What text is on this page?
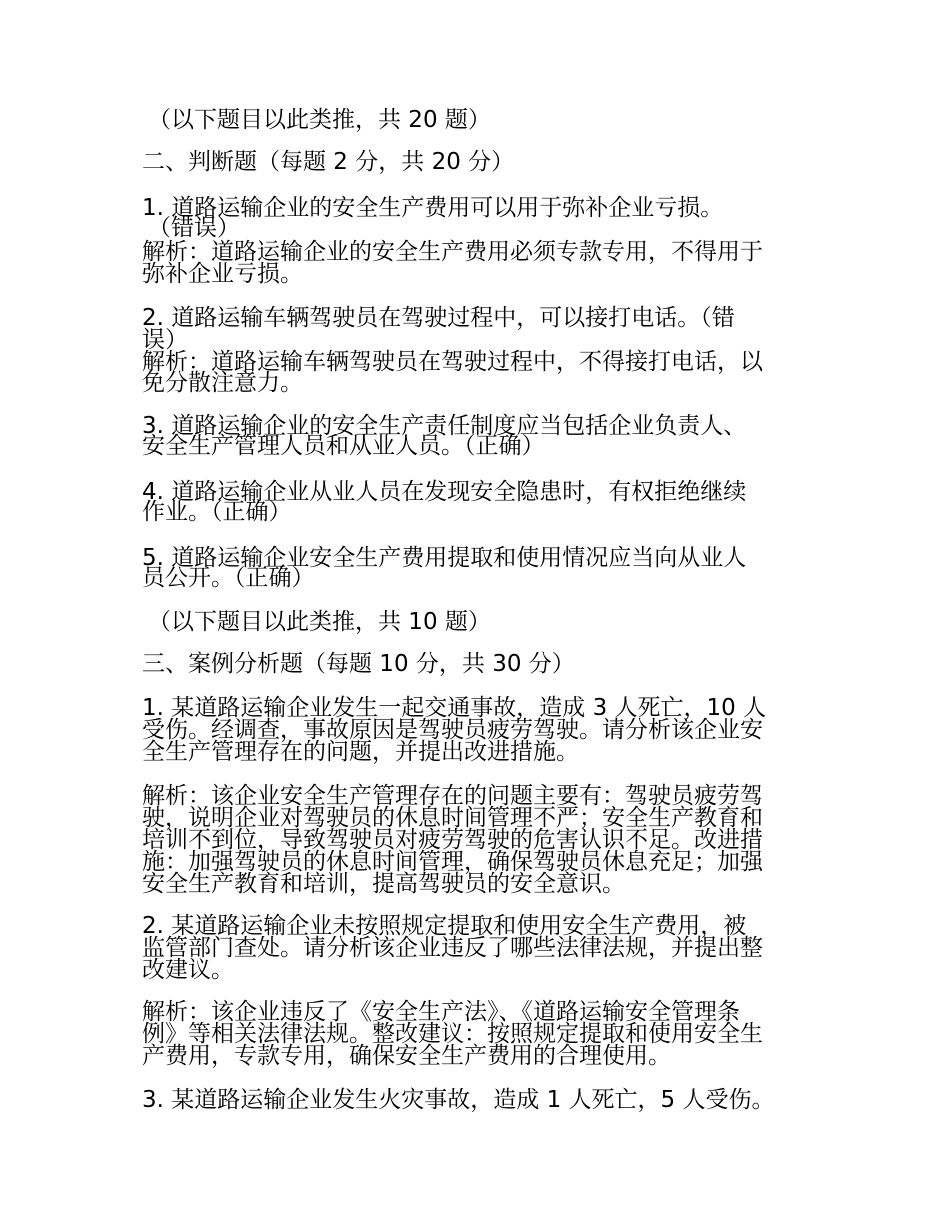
（以下题目以此类推，共 20 题）
二、判断题（每题 2 分，共 20 分）
1. 道路运输企业的安全生产费用可以用于弥补企业亏损。
（错误）
解析：道路运输企业的安全生产费用必须专款专用，不得用于
弥补企业亏损。
2. 道路运输车辆驾驶员在驾驶过程中，可以接打电话。（错
误）
解析：道路运输车辆驾驶员在驾驶过程中，不得接打电话，以
免分散注意力。
3. 道路运输企业的安全生产责任制度应当包括企业负责人、
安全生产管理人员和从业人员。（正确）
4. 道路运输企业从业人员在发现安全隐患时，有权拒绝继续
作业。（正确）
5. 道路运输企业安全生产费用提取和使用情况应当向从业人
员公开。（正确）
（以下题目以此类推，共 10 题）
三、案例分析题（每题 10 分，共 30 分）
1. 某道路运输企业发生一起交通事故，造成 3 人死亡，10 人
受伤。经调查，事故原因是驾驶员疲劳驾驶。请分析该企业安
全生产管理存在的问题，并提出改进措施。
解析：该企业安全生产管理存在的问题主要有：驾驶员疲劳驾
驶，说明企业对驾驶员的休息时间管理不严；安全生产教育和
培训不到位，导致驾驶员对疲劳驾驶的危害认识不足。改进措
施：加强驾驶员的休息时间管理，确保驾驶员休息充足；加强
安全生产教育和培训，提高驾驶员的安全意识。
2. 某道路运输企业未按照规定提取和使用安全生产费用，被
监管部门查处。请分析该企业违反了哪些法律法规，并提出整
改建议。
解析：该企业违反了《安全生产法》、《道路运输安全管理条
例》等相关法律法规。整改建议：按照规定提取和使用安全生
产费用，专款专用，确保安全生产费用的合理使用。
3. 某道路运输企业发生火灾事故，造成 1 人死亡，5 人受伤。
